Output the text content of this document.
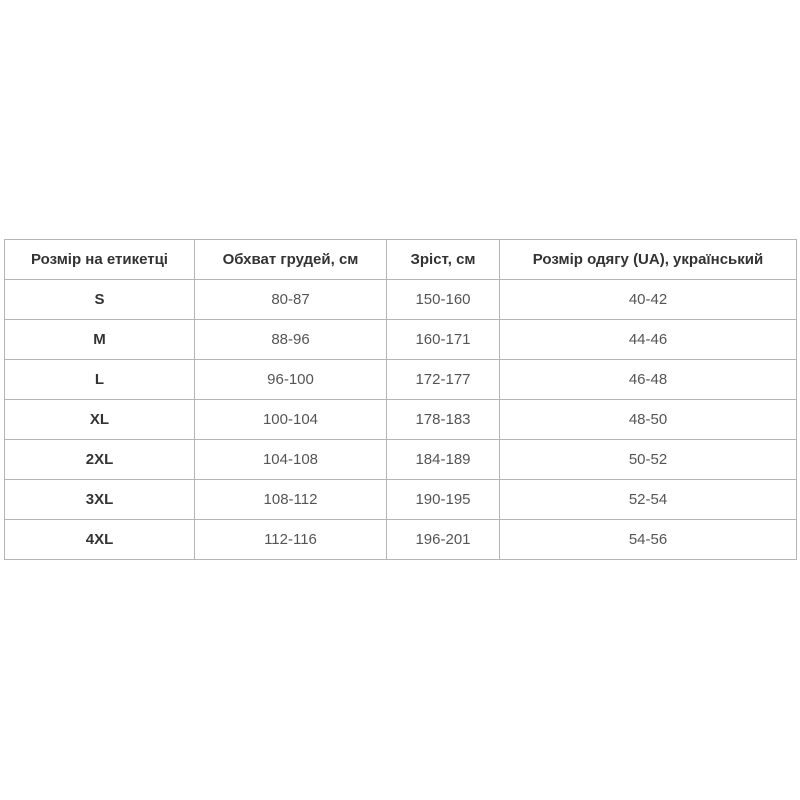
Розмір на етикетці	Обхват грудей, см	Зріст, см	Розмір одягу (UA), український
S	80-87	150-160	40-42
M	88-96	160-171	44-46
L	96-100	172-177	46-48
XL	100-104	178-183	48-50
2XL	104-108	184-189	50-52
3XL	108-112	190-195	52-54
4XL	112-116	196-201	54-56
